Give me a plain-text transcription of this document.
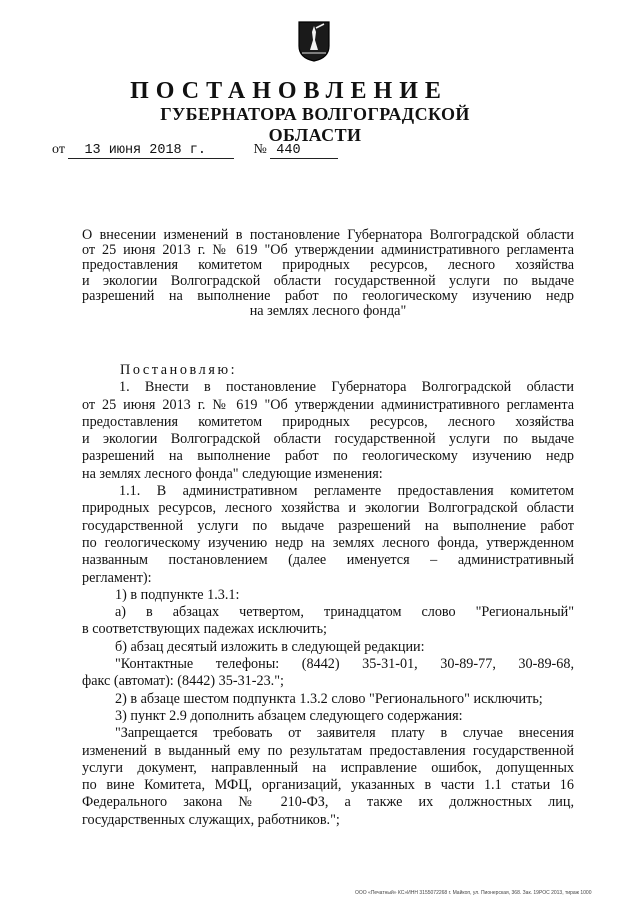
ПОСТАНОВЛЕНИЕ
ГУБЕРНАТОРА ВОЛГОГРАДСКОЙ ОБЛАСТИ
от 13 июня 2018 г.	№ 440
О внесении изменений в постановление Губернатора Волгоградской области
от 25 июня 2013 г. № 619 "Об утверждении административного регламента
предоставления комитетом природных ресурсов, лесного хозяйства
и экологии Волгоградской области государственной услуги по выдаче
разрешений на выполнение работ по геологическому изучению недр
на землях лесного фонда"
Постановляю:
1. Внести в постановление Губернатора Волгоградской области
от 25 июня 2013 г. № 619 "Об утверждении административного регламента
предоставления комитетом природных ресурсов, лесного хозяйства
и экологии Волгоградской области государственной услуги по выдаче
разрешений на выполнение работ по геологическому изучению недр
на землях лесного фонда" следующие изменения:
1.1. В административном регламенте предоставления комитетом
природных ресурсов, лесного хозяйства и экологии Волгоградской области
государственной услуги по выдаче разрешений на выполнение работ
по геологическому изучению недр на землях лесного фонда, утвержденном
названным постановлением (далее именуется – административный
регламент):
1) в подпункте 1.3.1:
а) в абзацах четвертом, тринадцатом слово "Региональный"
в соответствующих падежах исключить;
б) абзац десятый изложить в следующей редакции:
"Контактные телефоны: (8442) 35-31-01, 30-89-77, 30-89-68,
факс (автомат): (8442) 35-31-23.";
2) в абзаце шестом подпункта 1.3.2 слово "Регионального" исключить;
3) пункт 2.9 дополнить абзацем следующего содержания:
"Запрещается требовать от заявителя плату в случае внесения
изменений в выданный ему по результатам предоставления государственной
услуги документ, направленный на исправление ошибок, допущенных
по вине Комитета, МФЦ, организаций, указанных в части 1.1 статьи 16
Федерального закона № 210-ФЗ, а также их должностных лиц,
государственных служащих, работников.";
ООО «Печатный» КС»ИНН 3155072268 г. Майкоп, ул. Пионерская, 368. Зак. 19РОС 2013, тираж 1000
